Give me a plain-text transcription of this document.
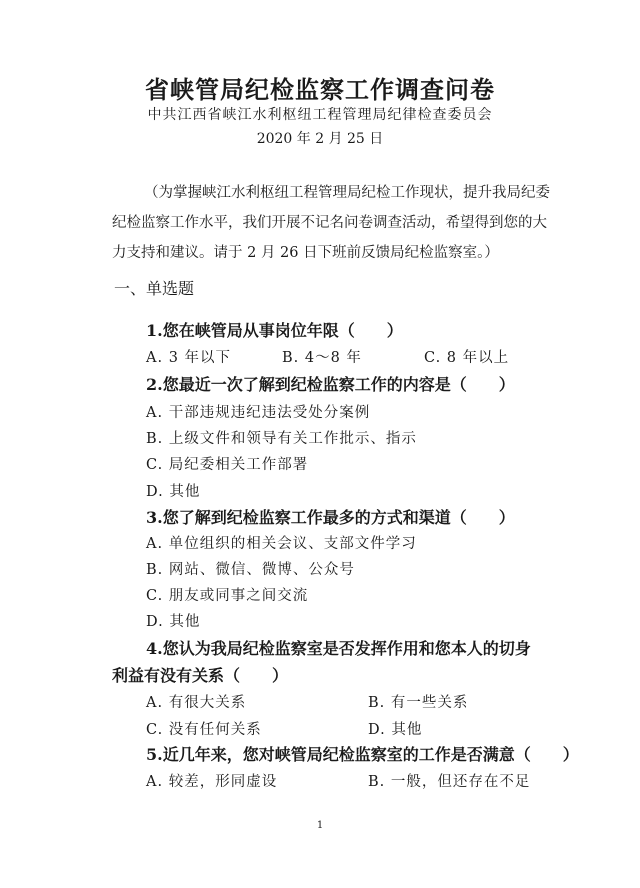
省峡管局纪检监察工作调查问卷
中共江西省峡江水利枢纽工程管理局纪律检查委员会
2020 年 2 月 25 日
（为掌握峡江水利枢纽工程管理局纪检工作现状，提升我局纪委
纪检监察工作水平，我们开展不记名问卷调查活动，希望得到您的大
力支持和建议。请于 2 月 26 日下班前反馈局纪检监察室。）
一、单选题
1.您在峡管局从事岗位年限（　　）
A. 3 年以下	B. 4～8 年	C. 8 年以上
2.您最近一次了解到纪检监察工作的内容是（　　）
A. 干部违规违纪违法受处分案例
B. 上级文件和领导有关工作批示、指示
C. 局纪委相关工作部署
D. 其他
3.您了解到纪检监察工作最多的方式和渠道（　　）
A. 单位组织的相关会议、支部文件学习
B. 网站、微信、微博、公众号
C. 朋友或同事之间交流
D. 其他
4.您认为我局纪检监察室是否发挥作用和您本人的切身
利益有没有关系（　　）
A. 有很大关系	B. 有一些关系
C. 没有任何关系	D. 其他
5.近几年来，您对峡管局纪检监察室的工作是否满意（　　）
A. 较差，形同虚设	B. 一般，但还存在不足
1
